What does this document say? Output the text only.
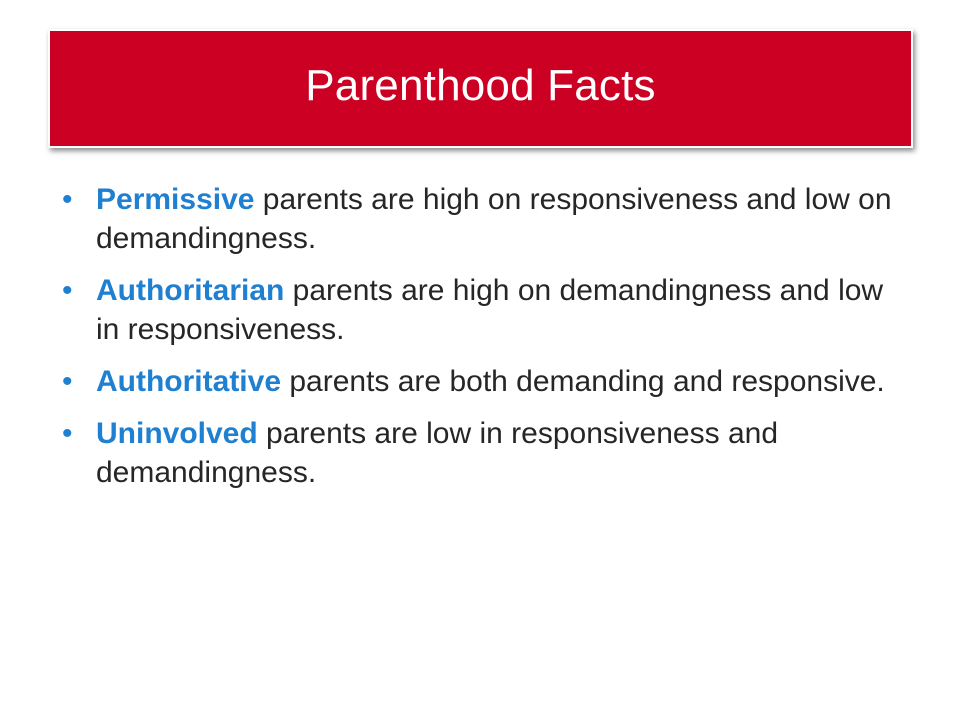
Parenthood Facts
• Permissive parents are high on responsiveness and low on demandingness.
• Authoritarian parents are high on demandingness and low in responsiveness.
• Authoritative parents are both demanding and responsive.
• Uninvolved parents are low in responsiveness and demandingness.
